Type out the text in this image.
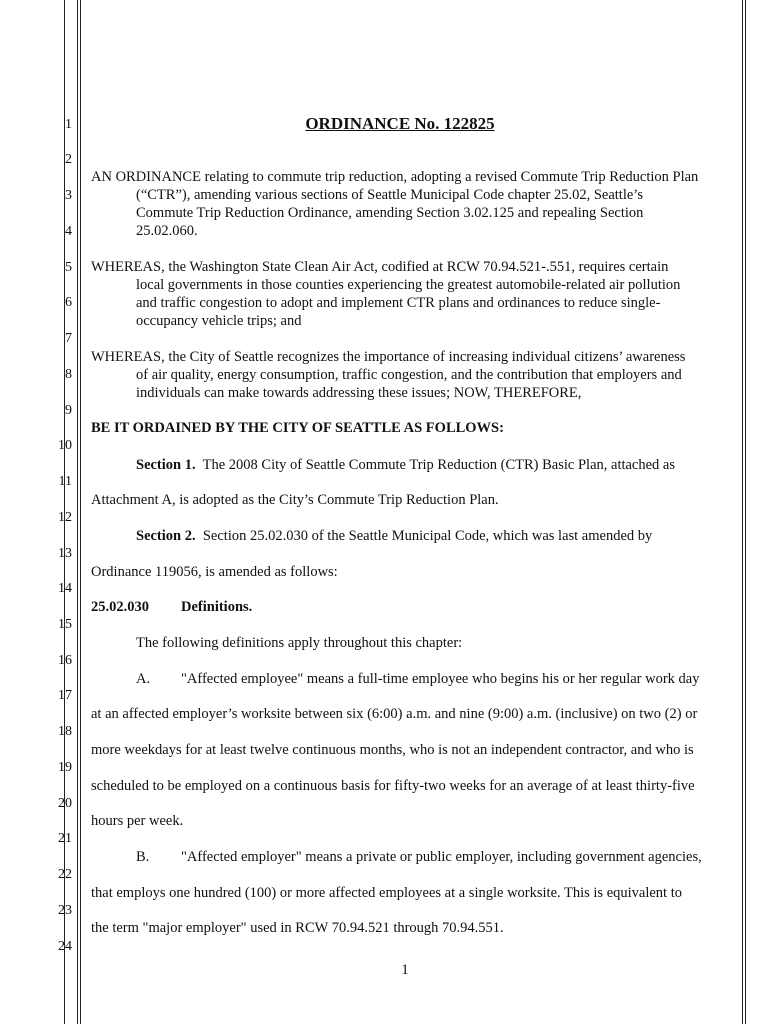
1
2
3
4
5
6
7
8
9
10
11
12
13
14
15
16
17
18
19
20
21
22
23
24
ORDINANCE No. 122825
AN ORDINANCE relating to commute trip reduction, adopting a revised Commute Trip Reduction Plan
(“CTR”), amending various sections of Seattle Municipal Code chapter 25.02, Seattle’s
Commute Trip Reduction Ordinance, amending Section 3.02.125 and repealing Section
25.02.060.
WHEREAS, the Washington State Clean Air Act, codified at RCW 70.94.521-.551, requires certain
local governments in those counties experiencing the greatest automobile-related air pollution
and traffic congestion to adopt and implement CTR plans and ordinances to reduce single-
occupancy vehicle trips; and
WHEREAS, the City of Seattle recognizes the importance of increasing individual citizens’ awareness
of air quality, energy consumption, traffic congestion, and the contribution that employers and
individuals can make towards addressing these issues; NOW, THEREFORE,
BE IT ORDAINED BY THE CITY OF SEATTLE AS FOLLOWS:
Section 1. The 2008 City of Seattle Commute Trip Reduction (CTR) Basic Plan, attached as
Attachment A, is adopted as the City’s Commute Trip Reduction Plan.
Section 2. Section 25.02.030 of the Seattle Municipal Code, which was last amended by
Ordinance 119056, is amended as follows:
25.02.030 Definitions.
The following definitions apply throughout this chapter:
A. "Affected employee" means a full-time employee who begins his or her regular work day
at an affected employer’s worksite between six (6:00) a.m. and nine (9:00) a.m. (inclusive) on two (2) or
more weekdays for at least twelve continuous months, who is not an independent contractor, and who is
scheduled to be employed on a continuous basis for fifty-two weeks for an average of at least thirty-five
hours per week.
B. "Affected employer" means a private or public employer, including government agencies,
that employs one hundred (100) or more affected employees at a single worksite. This is equivalent to
the term "major employer" used in RCW 70.94.521 through 70.94.551.
1
